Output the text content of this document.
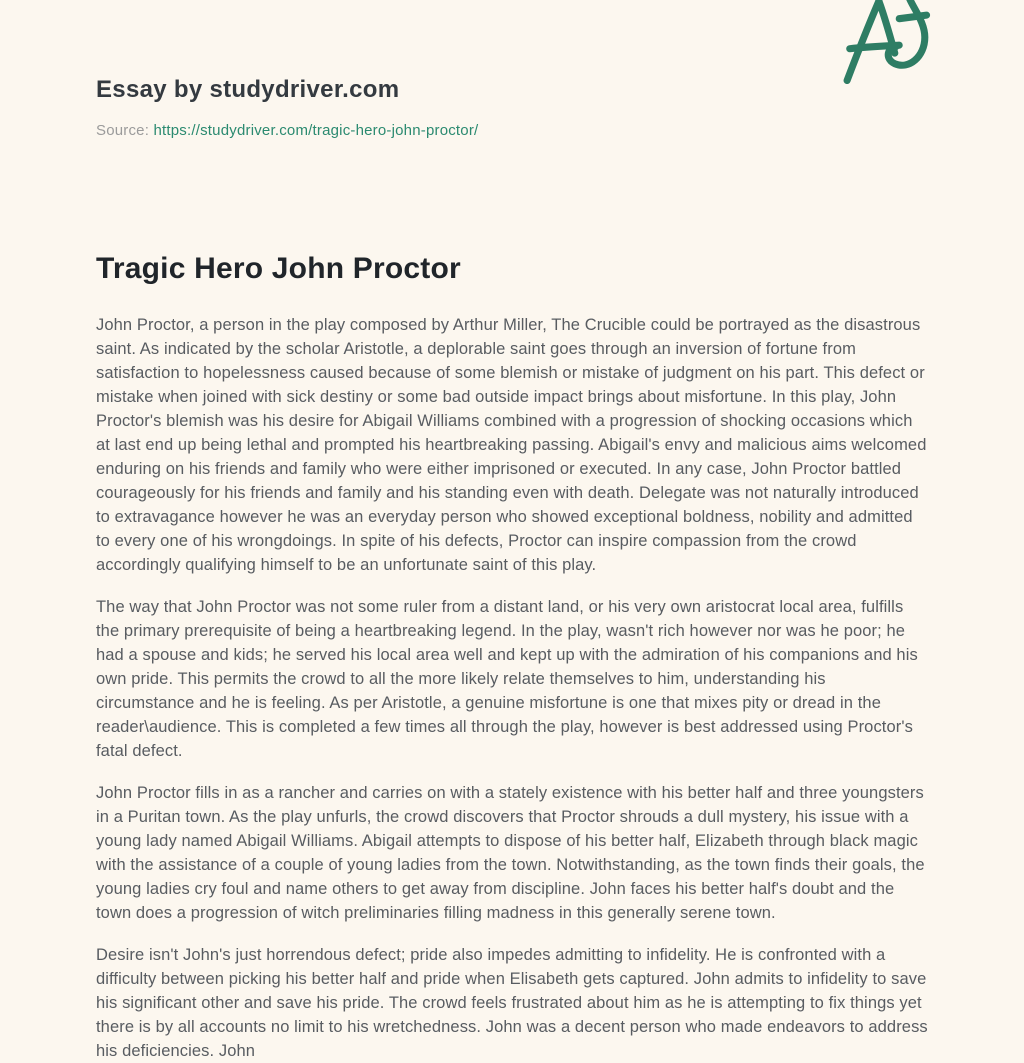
Essay by studydriver.com

Source: https://studydriver.com/tragic-hero-john-proctor/

Tragic Hero John Proctor

John Proctor, a person in the play composed by Arthur Miller, The Crucible could be portrayed as the disastrous saint. As indicated by the scholar Aristotle, a deplorable saint goes through an inversion of fortune from satisfaction to hopelessness caused because of some blemish or mistake of judgment on his part. This defect or mistake when joined with sick destiny or some bad outside impact brings about misfortune. In this play, John Proctor's blemish was his desire for Abigail Williams combined with a progression of shocking occasions which at last end up being lethal and prompted his heartbreaking passing. Abigail's envy and malicious aims welcomed enduring on his friends and family who were either imprisoned or executed. In any case, John Proctor battled courageously for his friends and family and his standing even with death. Delegate was not naturally introduced to extravagance however he was an everyday person who showed exceptional boldness, nobility and admitted to every one of his wrongdoings. In spite of his defects, Proctor can inspire compassion from the crowd accordingly qualifying himself to be an unfortunate saint of this play.

The way that John Proctor was not some ruler from a distant land, or his very own aristocrat local area, fulfills the primary prerequisite of being a heartbreaking legend. In the play, wasn't rich however nor was he poor; he had a spouse and kids; he served his local area well and kept up with the admiration of his companions and his own pride. This permits the crowd to all the more likely relate themselves to him, understanding his circumstance and he is feeling. As per Aristotle, a genuine misfortune is one that mixes pity or dread in the reader\audience. This is completed a few times all through the play, however is best addressed using Proctor's fatal defect.

John Proctor fills in as a rancher and carries on with a stately existence with his better half and three youngsters in a Puritan town. As the play unfurls, the crowd discovers that Proctor shrouds a dull mystery, his issue with a young lady named Abigail Williams. Abigail attempts to dispose of his better half, Elizabeth through black magic with the assistance of a couple of young ladies from the town. Notwithstanding, as the town finds their goals, the young ladies cry foul and name others to get away from discipline. John faces his better half's doubt and the town does a progression of witch preliminaries filling madness in this generally serene town.

Desire isn't John's just horrendous defect; pride also impedes admitting to infidelity. He is confronted with a difficulty between picking his better half and pride when Elisabeth gets captured. John admits to infidelity to save his significant other and save his pride. The crowd feels frustrated about him as he is attempting to fix things yet there is by all accounts no limit to his wretchedness. John was a decent person who made endeavors to address his deficiencies. John
